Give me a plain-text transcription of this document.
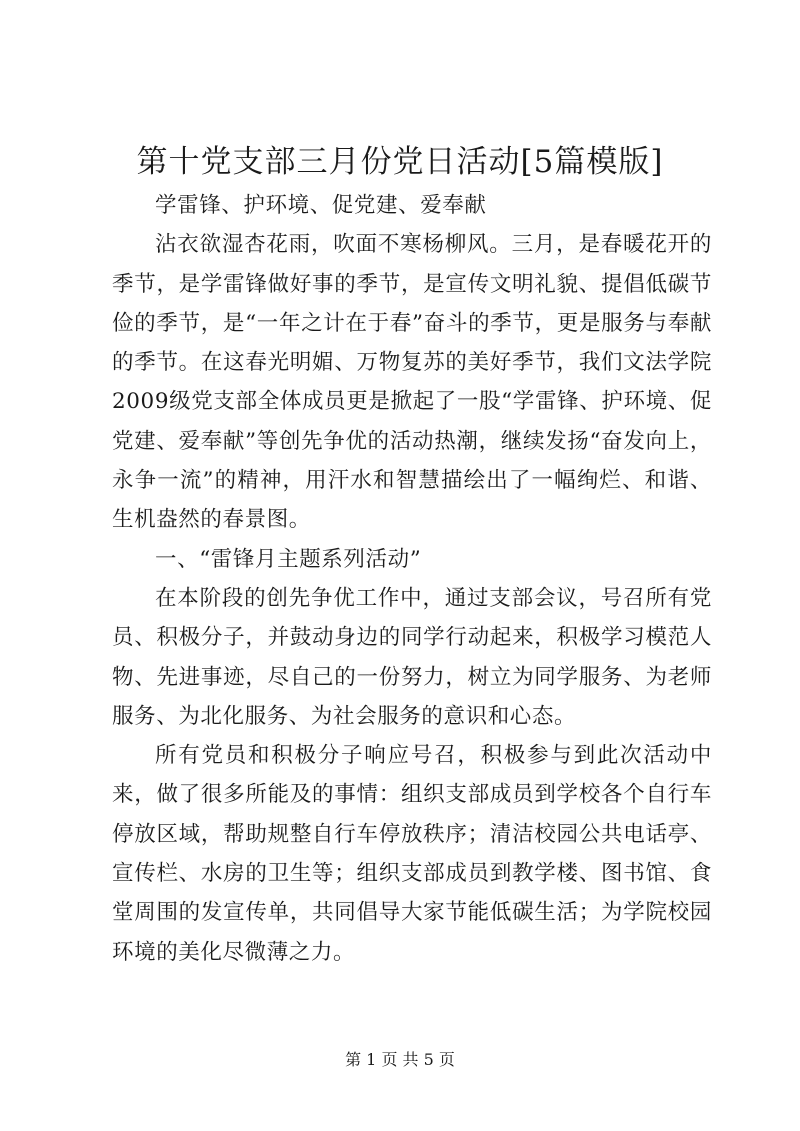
第十党支部三月份党日活动[5篇模版]

学雷锋、护环境、促党建、爱奉献

沾衣欲湿杏花雨，吹面不寒杨柳风。三月，是春暖花开的季节，是学雷锋做好事的季节，是宣传文明礼貌、提倡低碳节俭的季节，是“一年之计在于春”奋斗的季节，更是服务与奉献的季节。在这春光明媚、万物复苏的美好季节，我们文法学院2009级党支部全体成员更是掀起了一股“学雷锋、护环境、促党建、爱奉献”等创先争优的活动热潮，继续发扬“奋发向上，永争一流”的精神，用汗水和智慧描绘出了一幅绚烂、和谐、生机盎然的春景图。

一、“雷锋月主题系列活动”

在本阶段的创先争优工作中，通过支部会议，号召所有党员、积极分子，并鼓动身边的同学行动起来，积极学习模范人物、先进事迹，尽自己的一份努力，树立为同学服务、为老师服务、为北化服务、为社会服务的意识和心态。

所有党员和积极分子响应号召，积极参与到此次活动中来，做了很多所能及的事情：组织支部成员到学校各个自行车停放区域，帮助规整自行车停放秩序；清洁校园公共电话亭、宣传栏、水房的卫生等；组织支部成员到教学楼、图书馆、食堂周围的发宣传单，共同倡导大家节能低碳生活；为学院校园环境的美化尽微薄之力。

第 1 页 共 5 页
